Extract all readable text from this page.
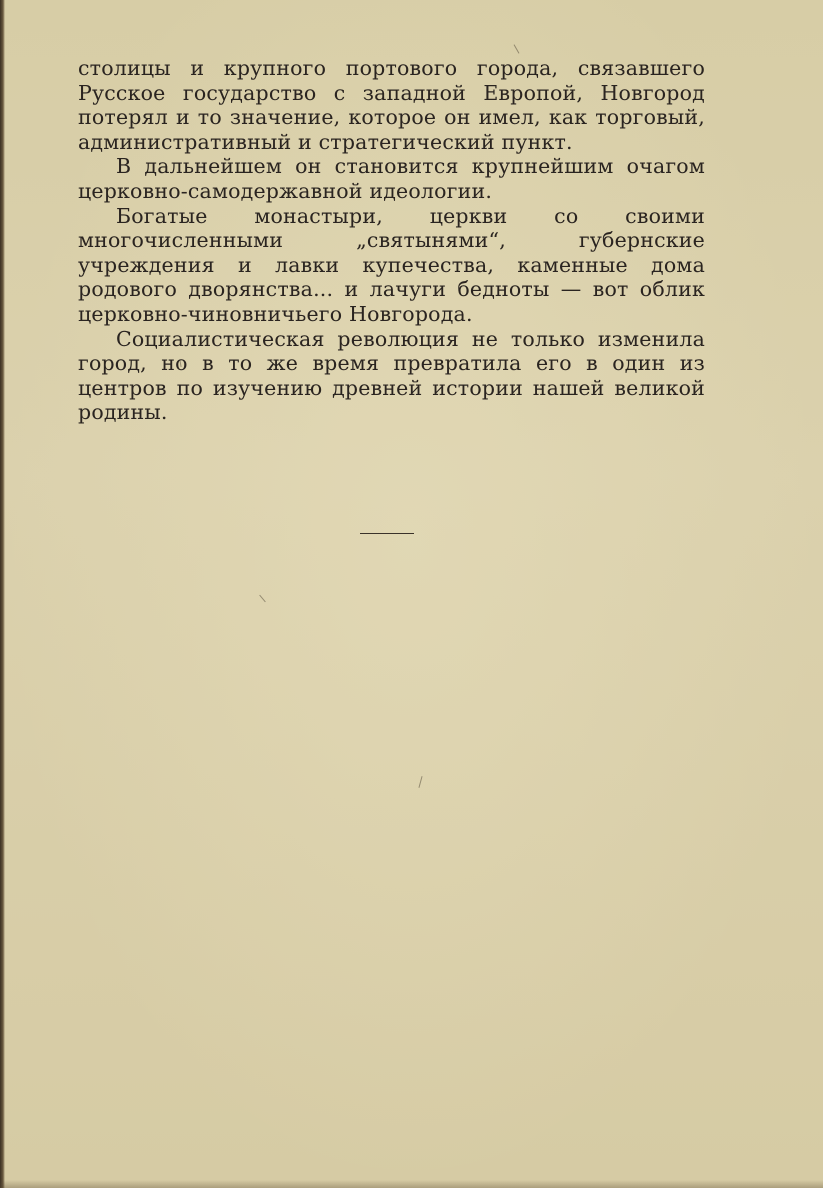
столицы и крупного портового города, связавшего Русское государство с западной Европой, Новгород потерял и то значение, которое он имел, как торговый, административный и стратегический пункт.

В дальнейшем он становится крупнейшим очагом церковно-самодержавной идеологии.

Богатые монастыри, церкви со своими многочисленными „святынями“, губернские учреждения и лавки купечества, каменные дома родового дворянства... и лачуги бедноты — вот облик церковно-чиновничьего Новгорода.

Социалистическая революция не только изменила город, но в то же время превратила его в один из центров по изучению древней истории нашей великой родины.
